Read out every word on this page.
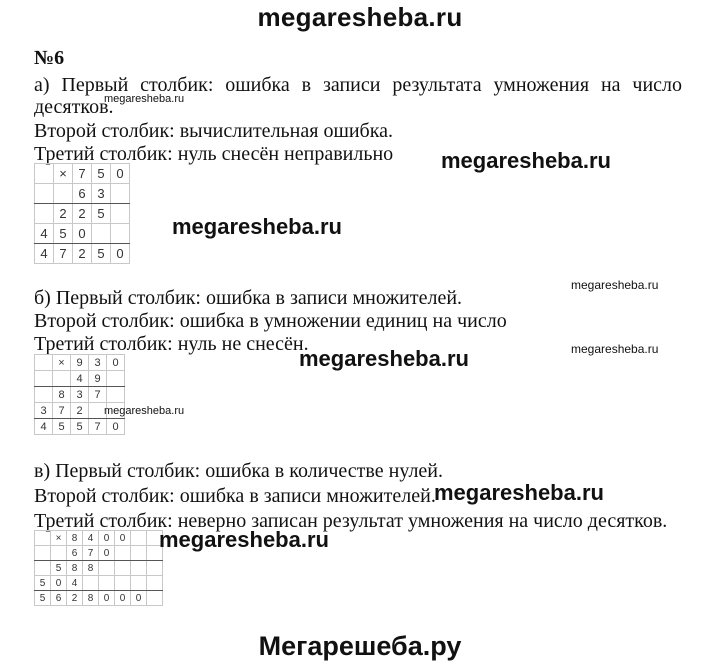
megaresheba.ru
№6
а) Первый столбик: ошибка в записи результата умножения на число
десятков.
Второй столбик: вычислительная ошибка.
Третий столбик: нуль снесён неправильно
	×	7	5	0
		6	3	
	2	2	5	
4	5	0		
4	7	2	5	0
б) Первый столбик: ошибка в записи множителей.
Второй столбик: ошибка в умножении единиц на число
Третий столбик: нуль не снесён.
	×	9	3	0
		4	9	
	8	3	7	
3	7	2		
4	5	5	7	0
в) Первый столбик: ошибка в количестве нулей.
Второй столбик: ошибка в записи множителей.
Третий столбик: неверно записан результат умножения на число десятков.
	×	8	4	0	0		
		6	7	0			
	5	8	8				
5	0	4					
5	6	2	8	0	0	0	
megaresheba.ru
megaresheba.ru
megaresheba.ru
megaresheba.ru
megaresheba.ru
megaresheba.ru
megaresheba.ru
megaresheba.ru
megaresheba.ru
Мегарешеба.ру
